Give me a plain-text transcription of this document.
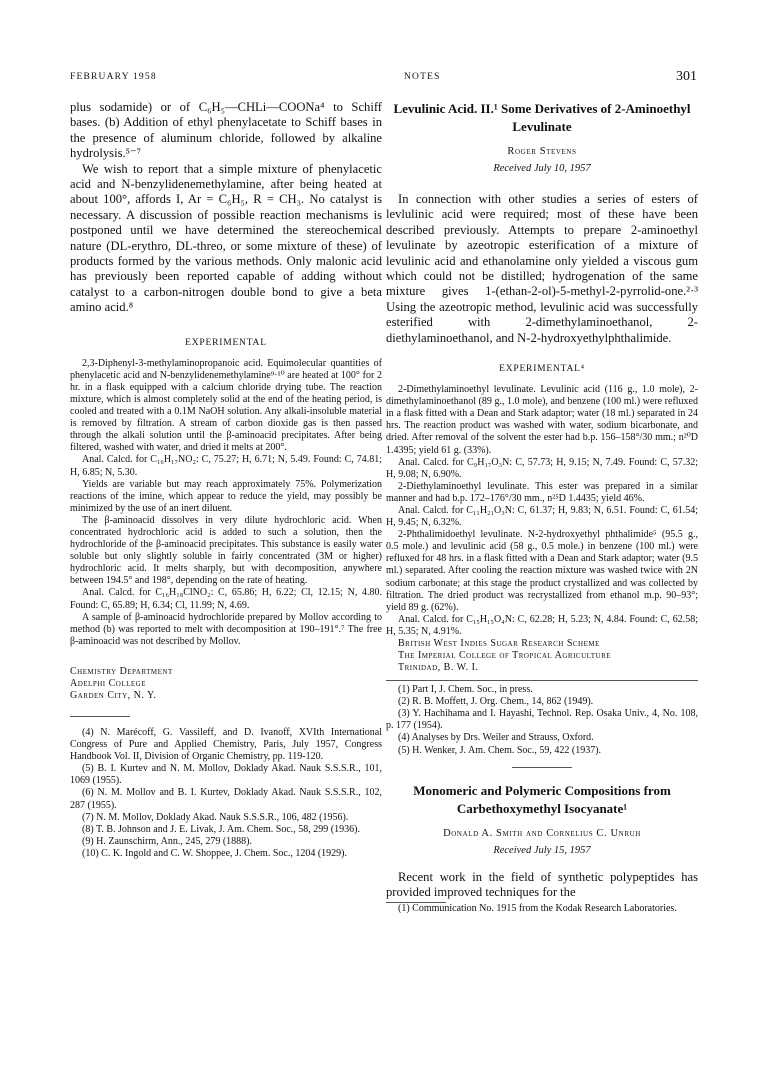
FEBRUARY 1958	NOTES	301

plus sodamide) or of C₆H₅—CHLi—COONa⁴ to Schiff bases. (b) Addition of ethyl phenylacetate to Schiff bases in the presence of aluminum chloride, followed by alkaline hydrolysis.⁵⁻⁷

We wish to report that a simple mixture of phenylacetic acid and N-benzylidenemethylamine, after being heated at about 100°, affords I, Ar = C₆H₅, R = CH₃. No catalyst is necessary. A discussion of possible reaction mechanisms is postponed until we have determined the stereochemical nature (DL-erythro, DL-threo, or some mixture of these) of products formed by the various methods. Only malonic acid has previously been reported capable of adding without catalyst to a carbon-nitrogen double bond to give a beta amino acid.⁸

EXPERIMENTAL

2,3-Diphenyl-3-methylaminopropanoic acid. Equimolecular quantities of phenylacetic acid and N-benzylidenemethylamine⁹·¹⁰ are heated at 100° for 2 hr. in a flask equipped with a calcium chloride drying tube. The reaction mixture, which is almost completely solid at the end of the heating period, is cooled and treated with a 0.1M NaOH solution. Any alkali-insoluble material is removed by filtration. A stream of carbon dioxide gas is then passed through the alkali solution until the β-aminoacid precipitates. After being filtered, washed with water, and dried it melts at 200°.

Anal. Calcd. for C₁₆H₁₇NO₂: C, 75.27; H, 6.71; N, 5.49. Found: C, 74.81; H, 6.85; N, 5.30.

Yields are variable but may reach approximately 75%. Polymerization reactions of the imine, which appear to reduce the yield, may possibly be minimized by the use of an inert diluent.

The β-aminoacid dissolves in very dilute hydrochloric acid. When concentrated hydrochloric acid is added to such a solution, then the hydrochloride of the β-aminoacid precipitates. This substance is easily water soluble but only slightly soluble in fairly concentrated (3M or higher) hydrochloric acid. It melts sharply, but with decomposition, anywhere between 194.5° and 198°, depending on the rate of heating.

Anal. Calcd. for C₁₆H₁₈ClNO₂: C, 65.86; H, 6.22; Cl, 12.15; N, 4.80. Found: C, 65.89; H, 6.34; Cl, 11.99; N, 4.69.

A sample of β-aminoacid hydrochloride prepared by Mollov according to method (b) was reported to melt with decomposition at 190–191°.⁷ The free β-aminoacid was not described by Mollov.

Chemistry Department
Adelphi College
Garden City, N. Y.

(4) N. Marécoff, G. Vassileff, and D. Ivanoff, XVIth International Congress of Pure and Applied Chemistry, Paris, July 1957, Congress Handbook Vol. II, Division of Organic Chemistry, pp. 119-120.

(5) B. I. Kurtev and N. M. Mollov, Doklady Akad. Nauk S.S.S.R., 101, 1069 (1955).

(6) N. M. Mollov and B. I. Kurtev, Doklady Akad. Nauk S.S.S.R., 102, 287 (1955).

(7) N. M. Mollov, Doklady Akad. Nauk S.S.S.R., 106, 482 (1956).

(8) T. B. Johnson and J. E. Livak, J. Am. Chem. Soc., 58, 299 (1936).

(9) H. Zaunschirm, Ann., 245, 279 (1888).

(10) C. K. Ingold and C. W. Shoppee, J. Chem. Soc., 1204 (1929).

Levulinic Acid. II.¹ Some Derivatives of 2-Aminoethyl Levulinate
Roger Stevens
Received July 10, 1957

In connection with other studies a series of esters of levlulinic acid were required; most of these have been described previously. Attempts to prepare 2-aminoethyl levulinate by azeotropic esterification of a mixture of levulinic acid and ethanolamine only yielded a viscous gum which could not be distilled; hydrogenation of the same mixture gives 1-(ethan-2-ol)-5-methyl-2-pyrrolid-one.²·³ Using the azeotropic method, levulinic acid was successfully esterified with 2-dimethylaminoethanol, 2-diethylaminoethanol, and N-2-hydroxyethylphthalimide.

EXPERIMENTAL⁴

2-Dimethylaminoethyl levulinate. Levulinic acid (116 g., 1.0 mole), 2-dimethylaminoethanol (89 g., 1.0 mole), and benzene (100 ml.) were refluxed in a flask fitted with a Dean and Stark adaptor; water (18 ml.) separated in 24 hrs. The reaction product was washed with water, sodium bicarbonate, and dried. After removal of the solvent the ester had b.p. 156–158°/30 mm.; n²⁰D 1.4395; yield 61 g. (33%).

Anal. Calcd. for C₉H₁₇O₃N: C, 57.73; H, 9.15; N, 7.49. Found: C, 57.32; H, 9.08; N, 6.90%.

2-Diethylaminoethyl levulinate. This ester was prepared in a similar manner and had b.p. 172–176°/30 mm., n²⁵D 1.4435; yield 46%.

Anal. Calcd. for C₁₁H₂₁O₃N: C, 61.37; H, 9.83; N, 6.51. Found: C, 61.54; H, 9.45; N, 6.32%.

2-Phthalimidoethyl levulinate. N-2-hydroxyethyl phthalimide⁵ (95.5 g., 0.5 mole.) and levulinic acid (58 g., 0.5 mole.) in benzene (100 ml.) were refluxed for 48 hrs. in a flask fitted with a Dean and Stark adaptor; water (9.5 ml.) separated. After cooling the reaction mixture was washed twice with 2N sodium carbonate; at this stage the product crystallized and was collected by filtration. The dried product was recrystallized from ethanol m.p. 90–93°; yield 89 g. (62%).

Anal. Calcd. for C₁₅H₁₅O₄N: C, 62.28; H, 5.23; N, 4.84. Found: C, 62.58; H, 5.35; N, 4.91%.

British West Indies Sugar Research Scheme
The Imperial College of Tropical Agriculture
Trinidad, B. W. I.

(1) Part I, J. Chem. Soc., in press.

(2) R. B. Moffett, J. Org. Chem., 14, 862 (1949).

(3) Y. Hachihama and I. Hayashi, Technol. Rep. Osaka Univ., 4, No. 108, p. 177 (1954).

(4) Analyses by Drs. Weiler and Strauss, Oxford.

(5) H. Wenker, J. Am. Chem. Soc., 59, 422 (1937).

Monomeric and Polymeric Compositions from Carbethoxymethyl Isocyanate¹
Donald A. Smith and Cornelius C. Unruh
Received July 15, 1957

Recent work in the field of synthetic polypeptides has provided improved techniques for the

(1) Communication No. 1915 from the Kodak Research Laboratories.
